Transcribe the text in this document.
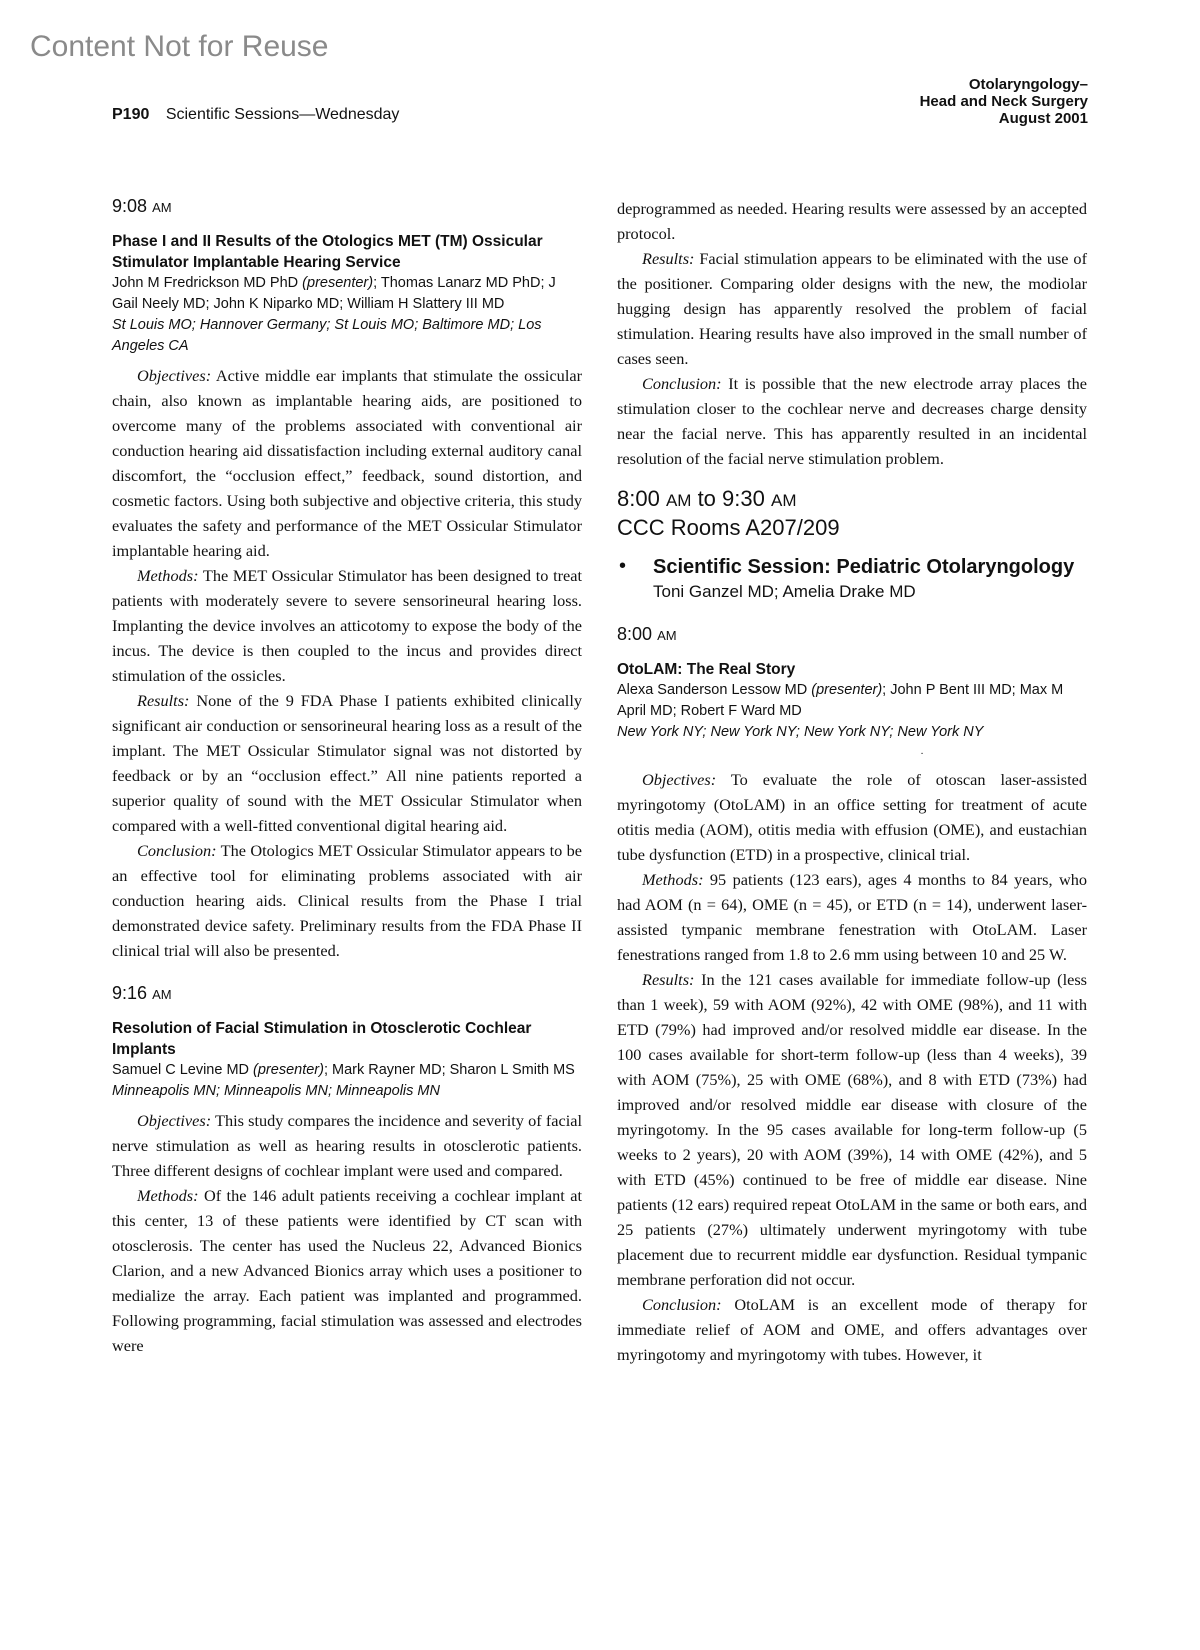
Content Not for Reuse
P190 Scientific Sessions—Wednesday
Otolaryngology–
Head and Neck Surgery
August 2001
9:08 AM

Phase I and II Results of the Otologics MET (TM) Ossicular Stimulator Implantable Hearing Service

John M Fredrickson MD PhD (presenter); Thomas Lanarz MD PhD; J Gail Neely MD; John K Niparko MD; William H Slattery III MD

St Louis MO; Hannover Germany; St Louis MO; Baltimore MD; Los Angeles CA

Objectives: Active middle ear implants that stimulate the ossicular chain, also known as implantable hearing aids, are positioned to overcome many of the problems associated with conventional air conduction hearing aid dissatisfaction including external auditory canal discomfort, the “occlusion effect,” feedback, sound distortion, and cosmetic factors. Using both subjective and objective criteria, this study evaluates the safety and performance of the MET Ossicular Stimulator implantable hearing aid.

Methods: The MET Ossicular Stimulator has been designed to treat patients with moderately severe to severe sensorineural hearing loss. Implanting the device involves an atticotomy to expose the body of the incus. The device is then coupled to the incus and provides direct stimulation of the ossicles.

Results: None of the 9 FDA Phase I patients exhibited clinically significant air conduction or sensorineural hearing loss as a result of the implant. The MET Ossicular Stimulator signal was not distorted by feedback or by an “occlusion effect.” All nine patients reported a superior quality of sound with the MET Ossicular Stimulator when compared with a well-fitted conventional digital hearing aid.

Conclusion: The Otologics MET Ossicular Stimulator appears to be an effective tool for eliminating problems associated with air conduction hearing aids. Clinical results from the Phase I trial demonstrated device safety. Preliminary results from the FDA Phase II clinical trial will also be presented.

9:16 AM

Resolution of Facial Stimulation in Otosclerotic Cochlear Implants

Samuel C Levine MD (presenter); Mark Rayner MD; Sharon L Smith MS

Minneapolis MN; Minneapolis MN; Minneapolis MN

Objectives: This study compares the incidence and severity of facial nerve stimulation as well as hearing results in otosclerotic patients. Three different designs of cochlear implant were used and compared.

Methods: Of the 146 adult patients receiving a cochlear implant at this center, 13 of these patients were identified by CT scan with otosclerosis. The center has used the Nucleus 22, Advanced Bionics Clarion, and a new Advanced Bionics array which uses a positioner to medialize the array. Each patient was implanted and programmed. Following programming, facial stimulation was assessed and electrodes were

deprogrammed as needed. Hearing results were assessed by an accepted protocol.

Results: Facial stimulation appears to be eliminated with the use of the positioner. Comparing older designs with the new, the modiolar hugging design has apparently resolved the problem of facial stimulation. Hearing results have also improved in the small number of cases seen.

Conclusion: It is possible that the new electrode array places the stimulation closer to the cochlear nerve and decreases charge density near the facial nerve. This has apparently resulted in an incidental resolution of the facial nerve stimulation problem.

8:00 AM to 9:30 AM
CCC Rooms A207/209
• Scientific Session: Pediatric Otolaryngology

Toni Ganzel MD; Amelia Drake MD

8:00 AM

OtoLAM: The Real Story

Alexa Sanderson Lessow MD (presenter); John P Bent III MD; Max M April MD; Robert F Ward MD

New York NY; New York NY; New York NY; New York NY

·

Objectives: To evaluate the role of otoscan laser-assisted myringotomy (OtoLAM) in an office setting for treatment of acute otitis media (AOM), otitis media with effusion (OME), and eustachian tube dysfunction (ETD) in a prospective, clinical trial.

Methods: 95 patients (123 ears), ages 4 months to 84 years, who had AOM (n = 64), OME (n = 45), or ETD (n = 14), underwent laser-assisted tympanic membrane fenestration with OtoLAM. Laser fenestrations ranged from 1.8 to 2.6 mm using between 10 and 25 W.

Results: In the 121 cases available for immediate follow-up (less than 1 week), 59 with AOM (92%), 42 with OME (98%), and 11 with ETD (79%) had improved and/or resolved middle ear disease. In the 100 cases available for short-term follow-up (less than 4 weeks), 39 with AOM (75%), 25 with OME (68%), and 8 with ETD (73%) had improved and/or resolved middle ear disease with closure of the myringotomy. In the 95 cases available for long-term follow-up (5 weeks to 2 years), 20 with AOM (39%), 14 with OME (42%), and 5 with ETD (45%) continued to be free of middle ear disease. Nine patients (12 ears) required repeat OtoLAM in the same or both ears, and 25 patients (27%) ultimately underwent myringotomy with tube placement due to recurrent middle ear dysfunction. Residual tympanic membrane perforation did not occur.

Conclusion: OtoLAM is an excellent mode of therapy for immediate relief of AOM and OME, and offers advantages over myringotomy and myringotomy with tubes. However, it
